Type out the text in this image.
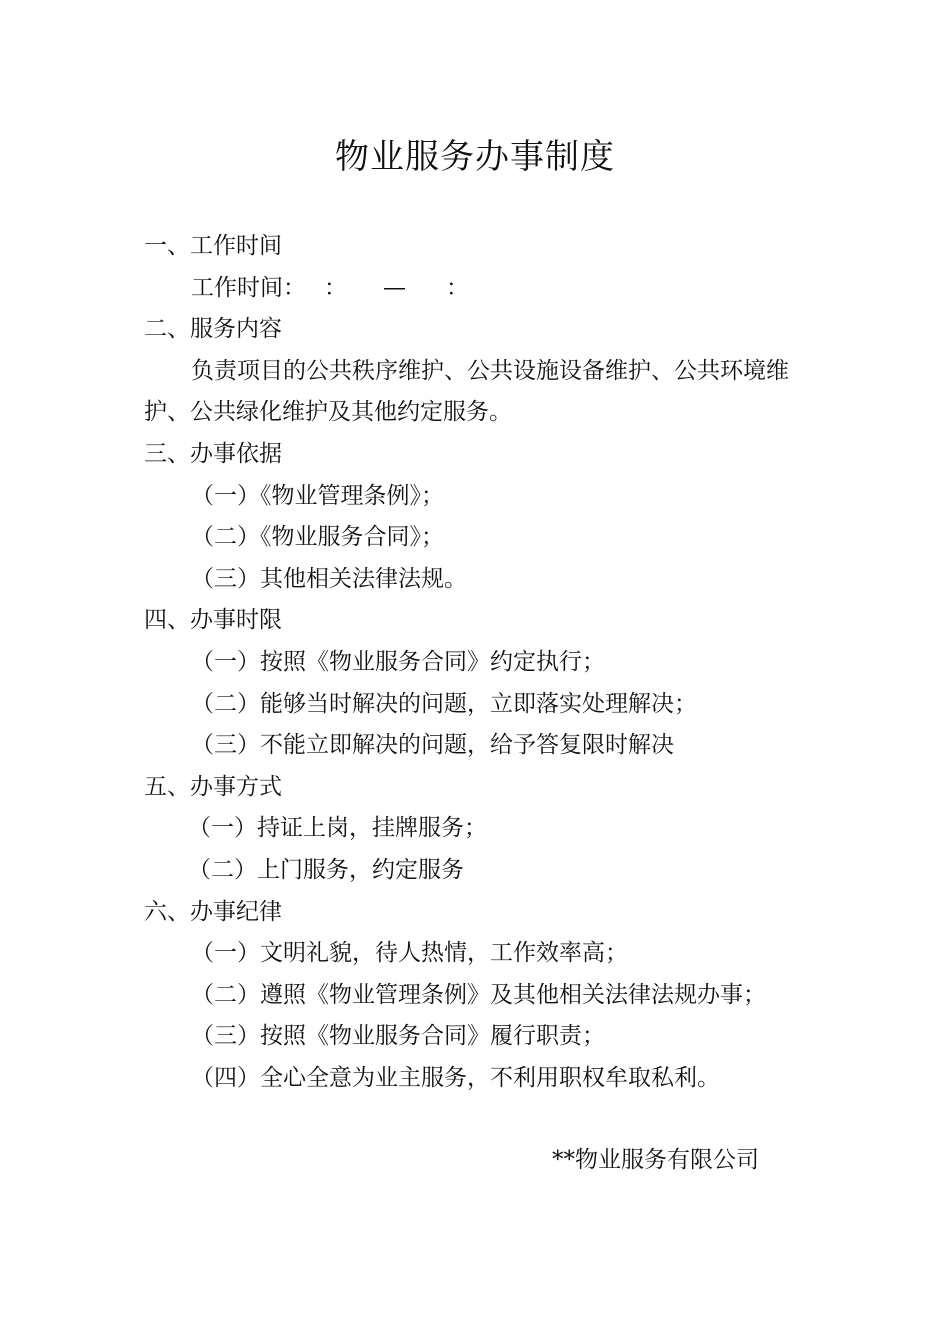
物业服务办事制度
一、工作时间
工作时间： ： — ：
二、服务内容
负责项目的公共秩序维护、公共设施设备维护、公共环境维
护、公共绿化维护及其他约定服务。
三、办事依据
（一）《物业管理条例》；
（二）《物业服务合同》；
（三）其他相关法律法规。
四、办事时限
（一）按照《物业服务合同》约定执行；
（二）能够当时解决的问题，立即落实处理解决；
（三）不能立即解决的问题，给予答复限时解决
五、办事方式
（一）持证上岗，挂牌服务；
（二）上门服务，约定服务
六、办事纪律
（一）文明礼貌，待人热情，工作效率高；
（二）遵照《物业管理条例》及其他相关法律法规办事；
（三）按照《物业服务合同》履行职责；
（四）全心全意为业主服务，不利用职权牟取私利。
**物业服务有限公司
